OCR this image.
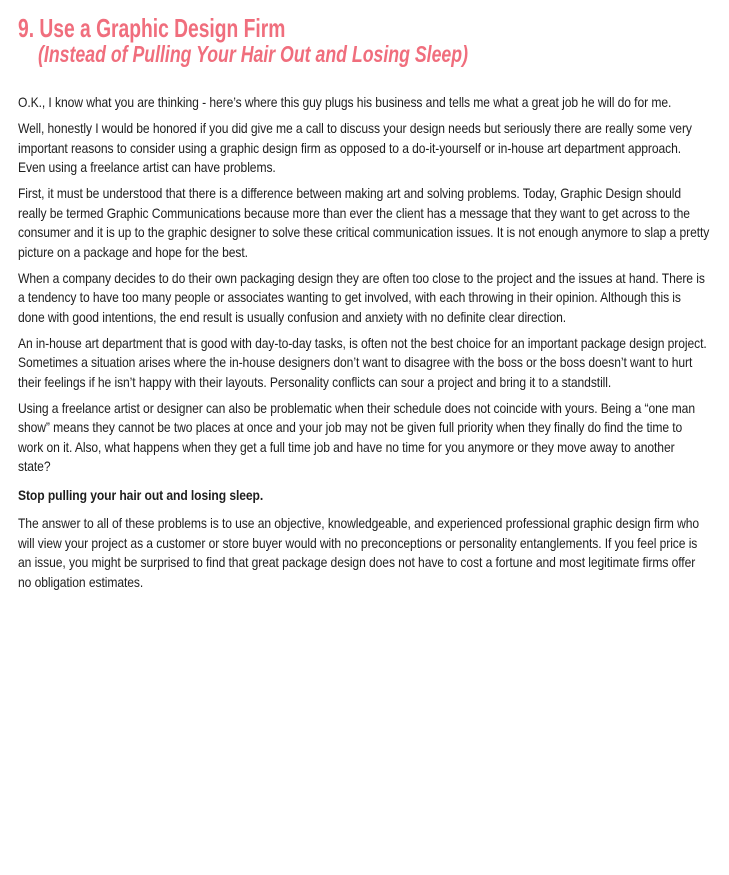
9. Use a Graphic Design Firm
(Instead of Pulling Your Hair Out and Losing Sleep)

O.K., I know what you are thinking - here’s where this guy plugs his business and tells me what a great job he will do for me.

Well, honestly I would be honored if you did give me a call to discuss your design needs but seriously there are really some very important reasons to consider using a graphic design firm as opposed to a do-it-yourself or in-house art department approach. Even using a freelance artist can have problems.

First, it must be understood that there is a difference between making art and solving problems. Today, Graphic Design should really be termed Graphic Communications because more than ever the client has a message that they want to get across to the consumer and it is up to the graphic designer to solve these critical communication issues. It is not enough anymore to slap a pretty picture on a package and hope for the best.

When a company decides to do their own packaging design they are often too close to the project and the issues at hand. There is a tendency to have too many people or associates wanting to get involved, with each throwing in their opinion. Although this is done with good intentions, the end result is usually confusion and anxiety with no definite clear direction.

An in-house art department that is good with day-to-day tasks, is often not the best choice for an important package design project. Sometimes a situation arises where the in-house designers don’t want to disagree with the boss or the boss doesn’t want to hurt their feelings if he isn’t happy with their layouts. Personality conflicts can sour a project and bring it to a standstill.

Using a freelance artist or designer can also be problematic when their schedule does not coincide with yours. Being a “one man show” means they cannot be two places at once and your job may not be given full priority when they finally do find the time to work on it. Also, what happens when they get a full time job and have no time for you anymore or they move away to another state?

Stop pulling your hair out and losing sleep.

The answer to all of these problems is to use an objective, knowledgeable, and experienced professional graphic design firm who will view your project as a customer or store buyer would with no preconceptions or personality entanglements. If you feel price is an issue, you might be surprised to find that great package design does not have to cost a fortune and most legitimate firms offer no obligation estimates.
